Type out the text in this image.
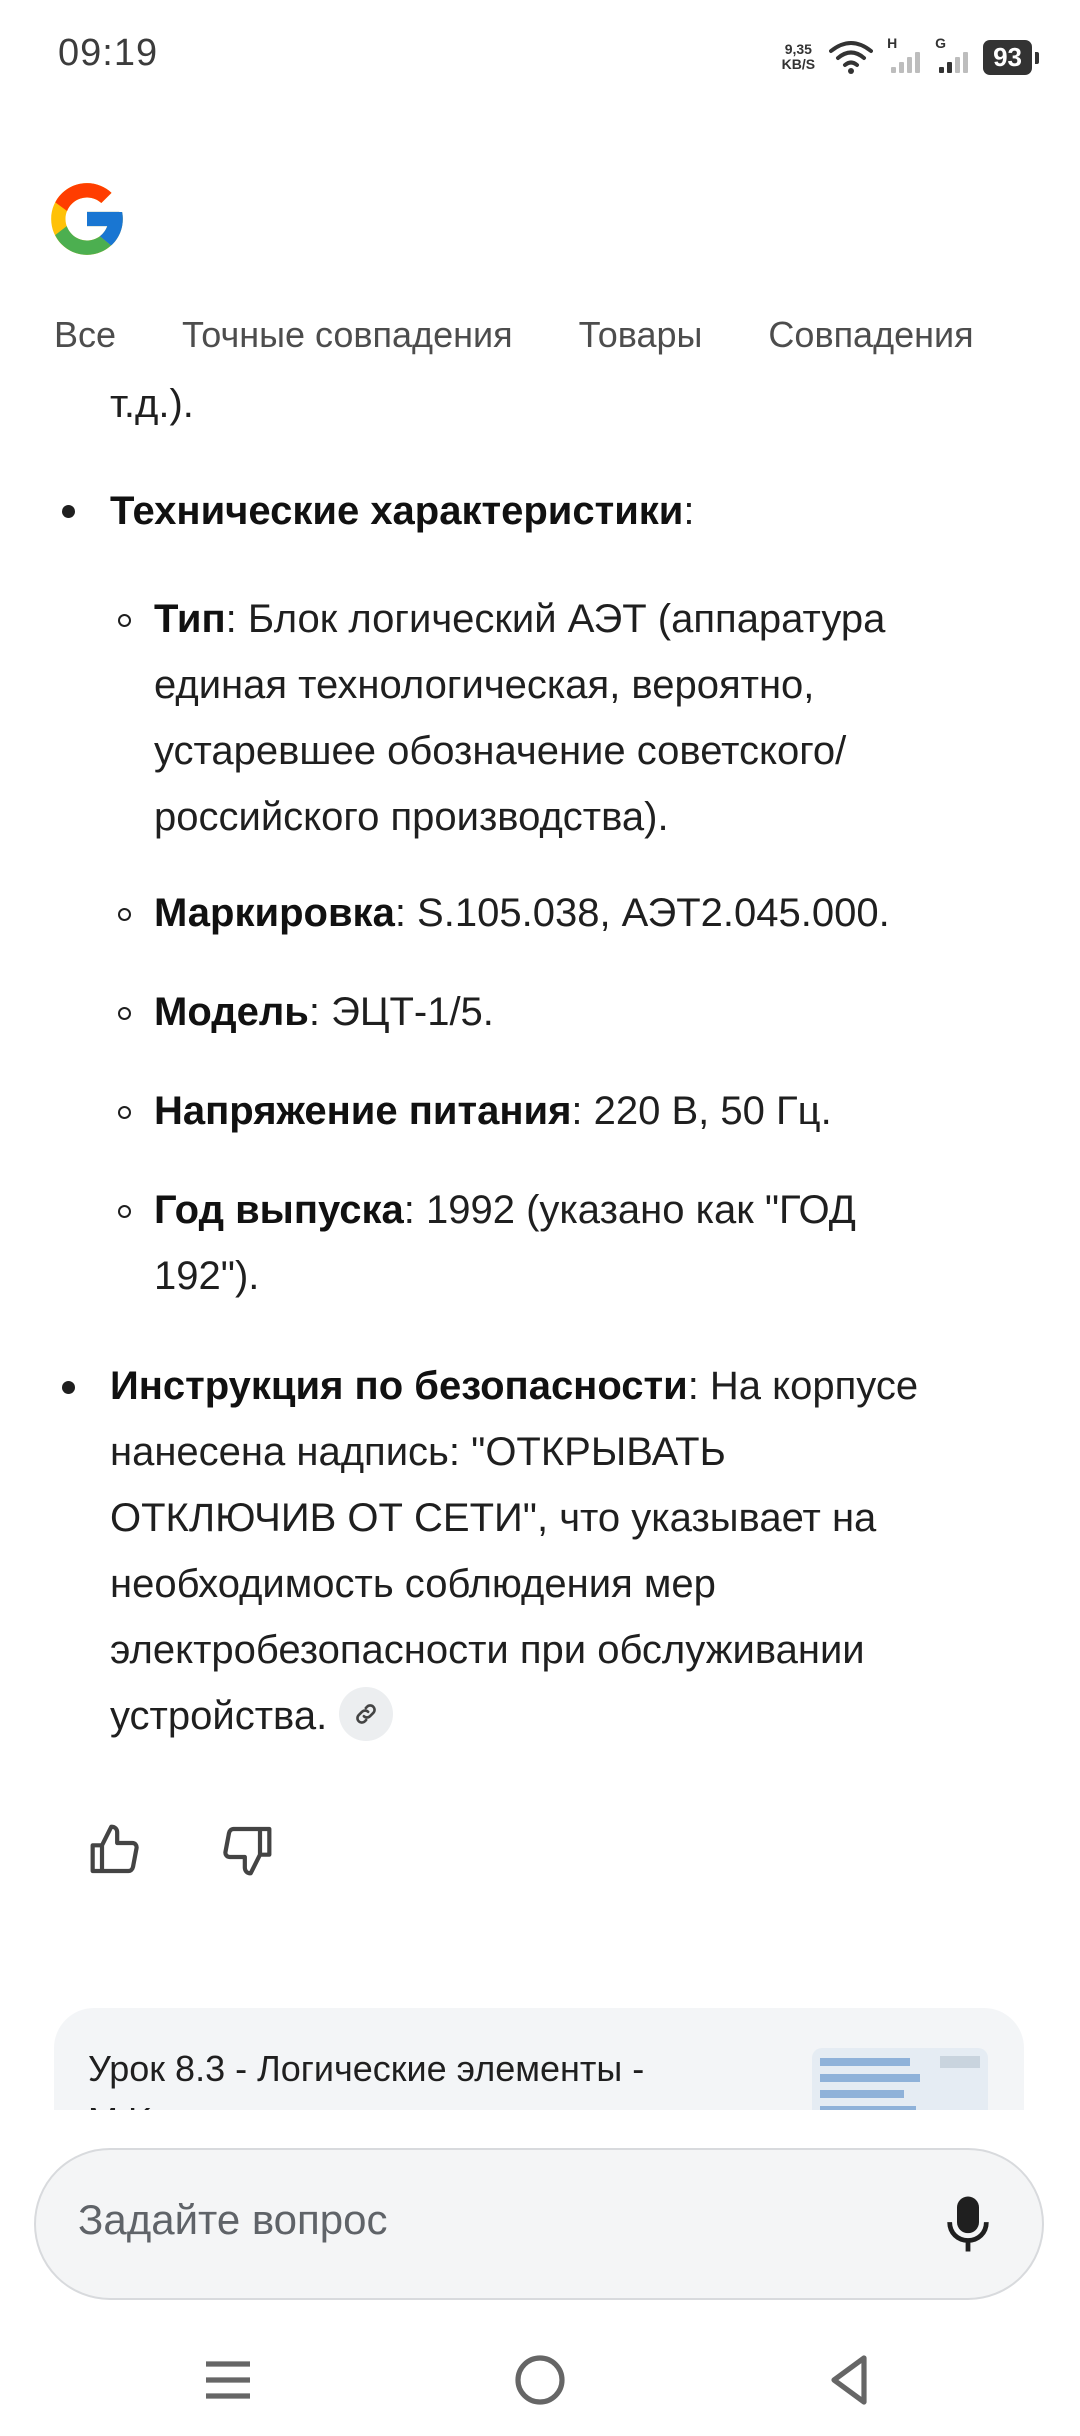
09:19	9,35
KB/S
H	G	93
Все Точные совпадения Товары Совпадения
т.д.).
Технические характеристики:
Тип: Блок логический АЭТ (аппаратура
единая технологическая, вероятно,
устаревшее обозначение советского/
российского производства).
Маркировка: S.105.038, АЭТ2.045.000.
Модель: ЭЦТ-1/5.
Напряжение питания: 220 В, 50 Гц.
Год выпуска: 1992 (указано как "ГОД
192").
Инструкция по безопасности: На корпусе
нанесена надпись: "ОТКРЫВАТЬ
ОТКЛЮЧИВ ОТ СЕТИ", что указывает на
необходимость соблюдения мер
электробезопасности при обслуживании
устройства.
Урок 8.3 - Логические элементы -
Задайте вопрос
